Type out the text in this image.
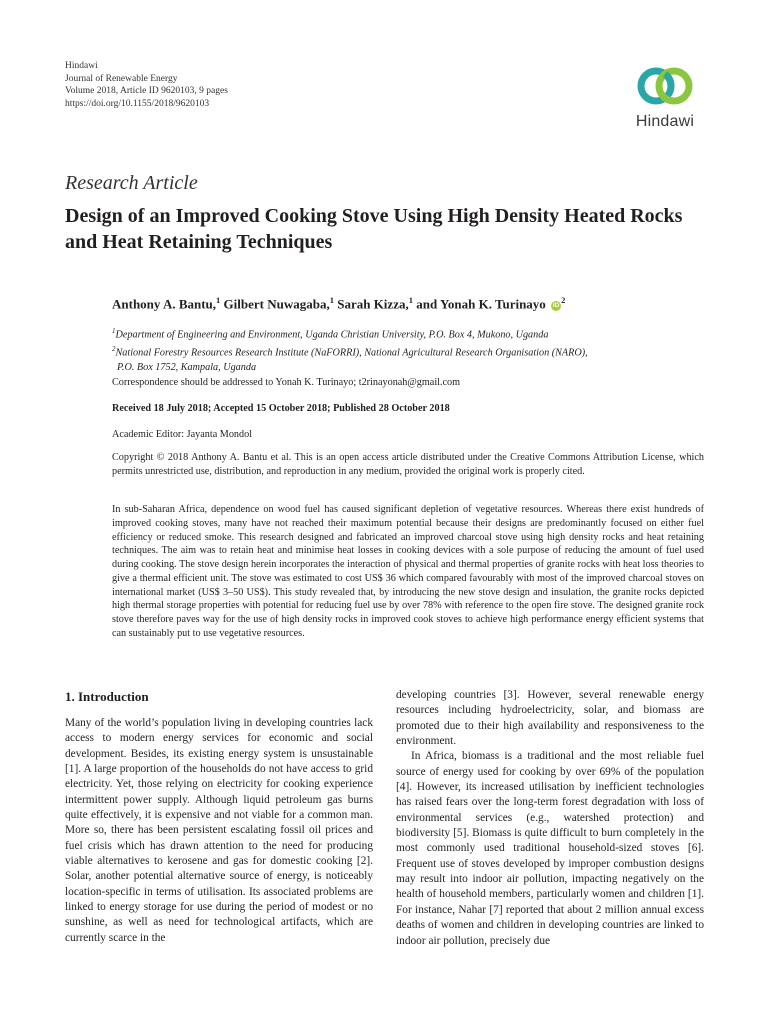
Hindawi
Journal of Renewable Energy
Volume 2018, Article ID 9620103, 9 pages
https://doi.org/10.1155/2018/9620103
Hindawi
Research Article
Design of an Improved Cooking Stove Using High Density Heated Rocks and Heat Retaining Techniques
Anthony A. Bantu,$^1$ Gilbert Nuwagaba,$^1$ Sarah Kizza,$^1$ and Yonah K. Turinayo $iD^2$
$^1$Department of Engineering and Environment, Uganda Christian University, P.O. Box 4, Mukono, Uganda
$^2$National Forestry Resources Research Institute (NaFORRI), National Agricultural Research Organisation (NARO),
P.O. Box 1752, Kampala, Uganda
Correspondence should be addressed to Yonah K. Turinayo; t2rinayonah@gmail.com
Received 18 July 2018; Accepted 15 October 2018; Published 28 October 2018
Academic Editor: Jayanta Mondol

Copyright © 2018 Anthony A. Bantu et al. This is an open access article distributed under the Creative Commons Attribution License, which permits unrestricted use, distribution, and reproduction in any medium, provided the original work is properly cited.

In sub-Saharan Africa, dependence on wood fuel has caused significant depletion of vegetative resources. Whereas there exist hundreds of improved cooking stoves, many have not reached their maximum potential because their designs are predominantly focused on either fuel efficiency or reduced smoke. This research designed and fabricated an improved charcoal stove using high density rocks and heat retaining techniques. The aim was to retain heat and minimise heat losses in cooking devices with a sole purpose of reducing the amount of fuel used during cooking. The stove design herein incorporates the interaction of physical and thermal properties of granite rocks with heat loss theories to give a thermal efficient unit. The stove was estimated to cost US$ 36 which compared favourably with most of the improved charcoal stoves on international market (US$ 3–50 US$). This study revealed that, by introducing the new stove design and insulation, the granite rocks depicted high thermal storage properties with potential for reducing fuel use by over 78% with reference to the open fire stove. The designed granite rock stove therefore paves way for the use of high density rocks in improved cook stoves to achieve high performance energy efficient systems that can sustainably put to use vegetative resources.

1. Introduction

Many of the world’s population living in developing countries lack access to modern energy services for economic and social development. Besides, its existing energy system is unsustainable [1]. A large proportion of the households do not have access to grid electricity. Yet, those relying on electricity for cooking experience intermittent power supply. Although liquid petroleum gas burns quite effectively, it is expensive and not viable for a common man. More so, there has been persistent escalating fossil oil prices and fuel crisis which has drawn attention to the need for producing viable alternatives to kerosene and gas for domestic cooking [2]. Solar, another potential alternative source of energy, is noticeably location-specific in terms of utilisation. Its associated problems are linked to energy storage for use during the period of modest or no sunshine, as well as need for technological artifacts, which are currently scarce in the

developing countries [3]. However, several renewable energy resources including hydroelectricity, solar, and biomass are promoted due to their high availability and responsiveness to the environment.

In Africa, biomass is a traditional and the most reliable fuel source of energy used for cooking by over 69% of the population [4]. However, its increased utilisation by inefficient technologies has raised fears over the long-term forest degradation with loss of environmental services (e.g., watershed protection) and biodiversity [5]. Biomass is quite difficult to burn completely in the most commonly used traditional household-sized stoves [6]. Frequent use of stoves developed by improper combustion designs may result into indoor air pollution, impacting negatively on the health of household members, particularly women and children [1]. For instance, Nahar [7] reported that about 2 million annual excess deaths of women and children in developing countries are linked to indoor air pollution, precisely due
